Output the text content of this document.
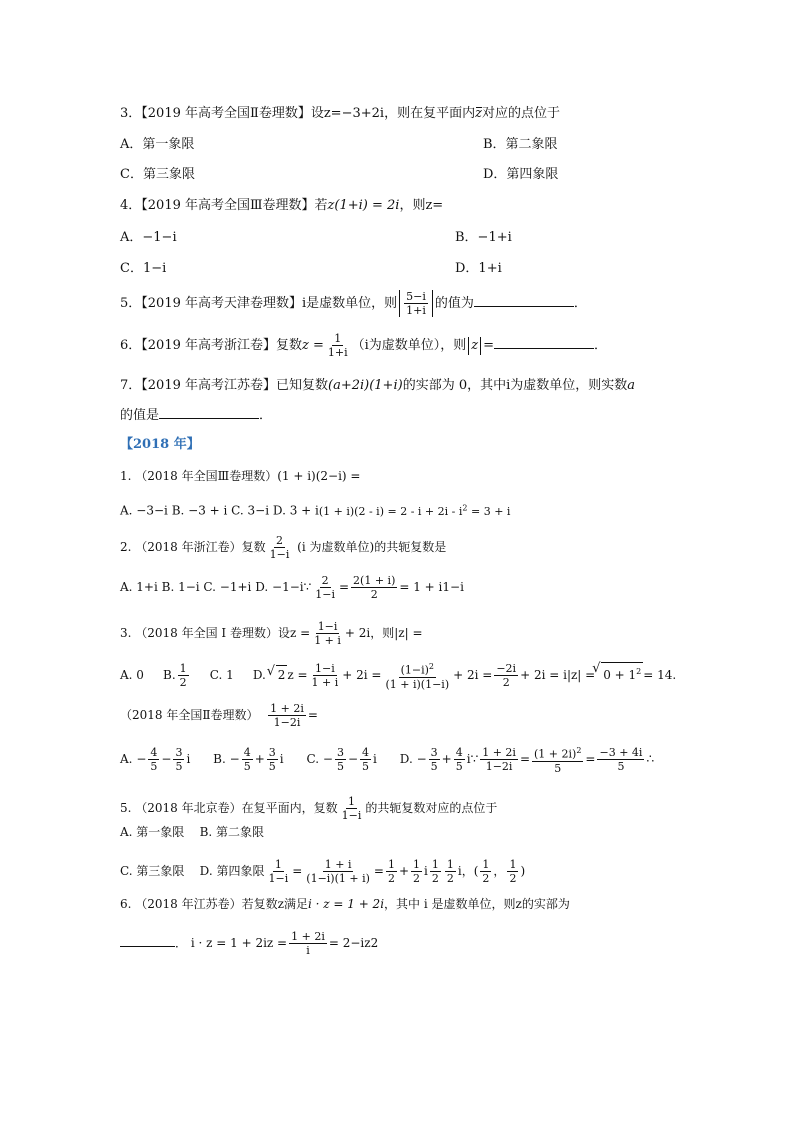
3．【2019 年高考全国Ⅱ卷理数】设z=−3+2i，则在复平面内z对应的点位于
A．第一象限	B．第二象限
C．第三象限	D．第四象限
4．【2019 年高考全国Ⅲ卷理数】若z(1+i) = 2i，则z=
A．−1−i	B．−1+i
C．1−i	D．1+i
5．【2019 年高考天津卷理数】i是虚数单位，则 $\frac{5-i}{1+i}$ 的值为	．
6．【2019 年高考浙江卷】复数$z = \frac{1}{1+i} (i$为虚数单位），则 z =	．
7．【2019 年高考江苏卷】已知复数(a+2i)(1+i)的实部为 0，其中i为虚数单位，则实数a
的值是	．
【2018 年】
1. （2018 年全国Ⅲ卷理数）(1 + i)(2−i) =
A. −3−i B. −3 + i C. 3−i D. $3 + i(1 + i)(2 - i) = 2 - i + 2i - i^2 = 3 + i$
2. （2018 年浙江卷）复数 $\frac{2}{1-i} (i$ 为虚数单位)的共轭复数是
A. 1+i B. 1−i C. −1+i D. −1−i∵ $\frac{2}{1-i} = \frac{2(1 + i)}{2} = 1 + i1-i$
3. （2018 年全国 I 卷理数）设$z = \frac{1-i}{1 + i} + 2i$，则|z| =
A. 0 B. $\frac{1}{2} C$. 1 D. √ 2 $z = \frac{1-i}{1 + i} + 2i = \frac{(1-i)^2}{(1 + i)(1-i)} + 2i = \frac{-2i}{2} + 2i = i|z|$ = √ $0 + 1^2 = 14$.
（2018 年全国Ⅱ卷理数） $\frac{1 + 2i}{1-2i}$ =
A. − $\frac{4}{5} - \frac{3}{5}$ i B. − $\frac{4}{5} + \frac{3}{5}$ i C. − $\frac{3}{5} - \frac{4}{5}$ i D. − $\frac{3}{5} + \frac{4}{5}$ i∵ $\frac{1 + 2i}{1-2i} = \frac{(1 + 2i)^2}{5} = \frac{-3 + 4i}{5}$ ∴
5. （2018 年北京卷）在复平面内，复数 $\frac{1}{1-i}$ 的共轭复数对应的点位于
A. 第一象限 B. 第二象限
C. 第三象限 D. 第四象限 $\frac{1}{1-i} = \frac{1 + i}{(1-i)(1 + i)} = \frac{1}{2} + \frac{1}{2}$ i $\frac{1}{2} \frac{1}{2}$ i，( $\frac{1}{2}$ ， $\frac{1}{2}$ )
6. （2018 年江苏卷）若复数z满足i · z = 1 + 2i，其中 i 是虚数单位，则z的实部为
． $i \cdot z = 1 + 2iz = \frac{1 + 2i}{i} = 2-iz2$
